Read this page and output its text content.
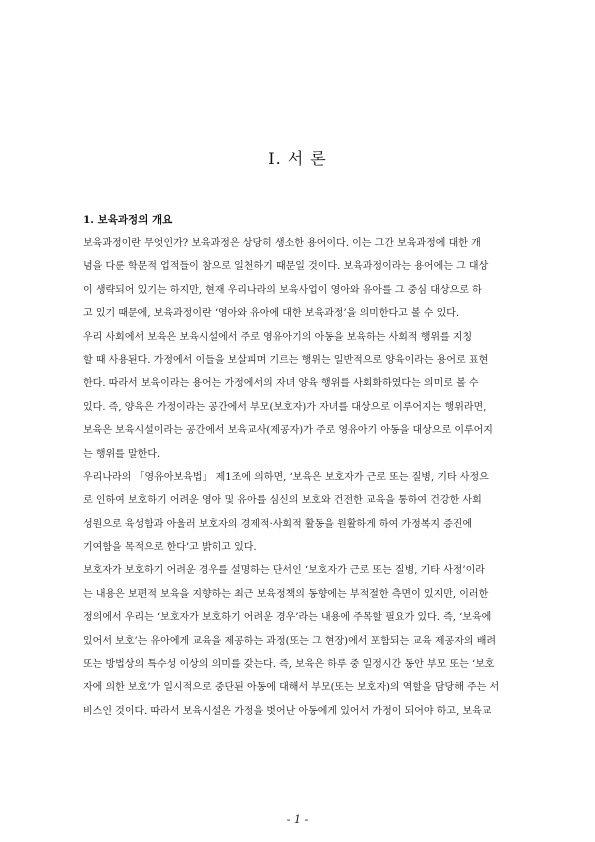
I. 서 론
1. 보육과정의 개요
보육과정이란 무엇인가? 보육과정은 상당히 생소한 용어이다. 이는 그간 보육과정에 대한 개
념을 다룬 학문적 업적들이 참으로 일천하기 때문일 것이다. 보육과정이라는 용어에는 그 대상
이 생략되어 있기는 하지만, 현재 우리나라의 보육사업이 영아와 유아를 그 중심 대상으로 하
고 있기 때문에, 보육과정이란 ‘영아와 유아에 대한 보육과정’을 의미한다고 볼 수 있다.
우리 사회에서 보육은 보육시설에서 주로 영유아기의 아동을 보육하는 사회적 행위를 지칭
할 때 사용된다. 가정에서 이들을 보살피며 기르는 행위는 일반적으로 양육이라는 용어로 표현
한다. 따라서 보육이라는 용어는 가정에서의 자녀 양육 행위를 사회화하였다는 의미로 볼 수
있다. 즉, 양육은 가정이라는 공간에서 부모(보호자)가 자녀를 대상으로 이루어지는 행위라면,
보육은 보육시설이라는 공간에서 보육교사(제공자)가 주로 영유아기 아동을 대상으로 이루어지
는 행위를 말한다.
우리나라의 「영유아보육법」 제1조에 의하면, ‘보육은 보호자가 근로 또는 질병, 기타 사정으
로 인하여 보호하기 어려운 영아 및 유아를 심신의 보호와 건전한 교육을 통하여 건강한 사회
성원으로 육성함과 아울러 보호자의 경제적·사회적 활동을 원활하게 하여 가정복지 증진에
기여함을 목적으로 한다’고 밝히고 있다.
보호자가 보호하기 어려운 경우를 설명하는 단서인 ‘보호자가 근로 또는 질병, 기타 사정’이라
는 내용은 보편적 보육을 지향하는 최근 보육정책의 동향에는 부적절한 측면이 있지만, 이러한
정의에서 우리는 ‘보호자가 보호하기 어려운 경우’라는 내용에 주목할 필요가 있다. 즉, ‘보육에
있어서 보호’는 유아에게 교육을 제공하는 과정(또는 그 현장)에서 포함되는 교육 제공자의 배려
또는 방법상의 특수성 이상의 의미를 갖는다. 즉, 보육은 하루 중 일정시간 동안 부모 또는 ‘보호
자에 의한 보호’가 일시적으로 중단된 아동에 대해서 부모(또는 보호자)의 역할을 담당해 주는 서
비스인 것이다. 따라서 보육시설은 가정을 벗어난 아동에게 있어서 가정이 되어야 하고, 보육교
- 1 -
